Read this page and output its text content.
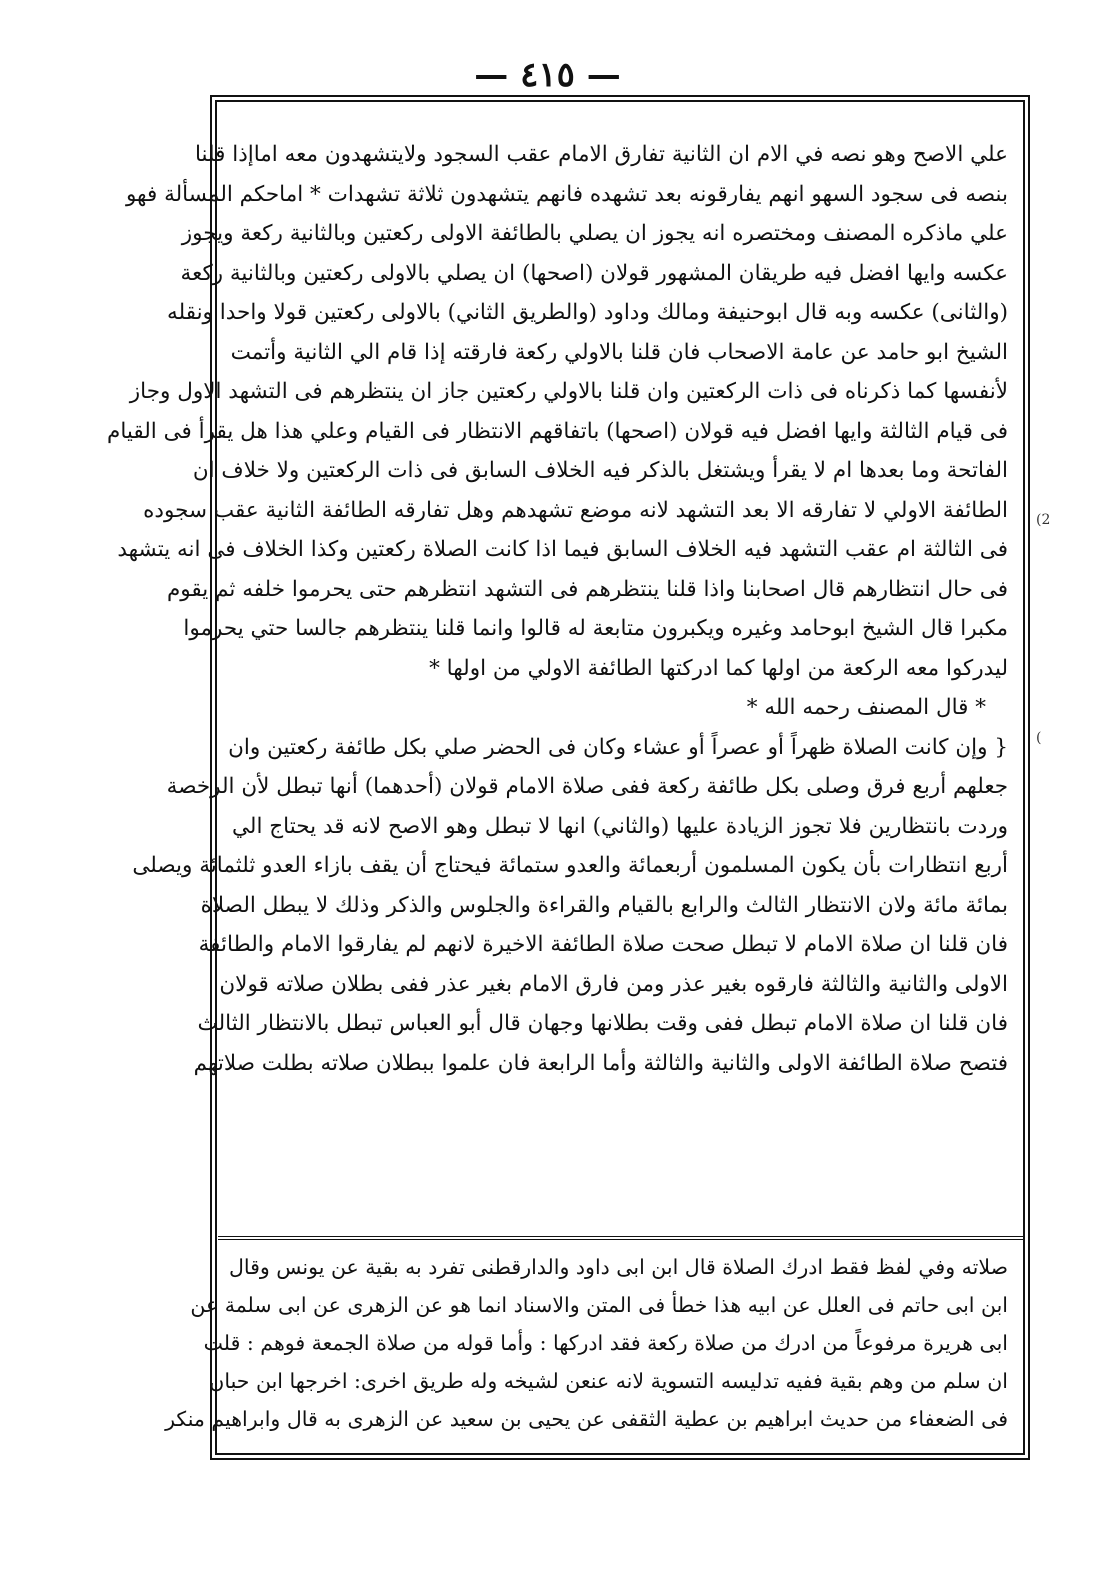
— ٤١٥ —
علي الاصح وهو نصه في الام ان الثانية تفارق الامام عقب السجود ولايتشهدون معه اماإذا قلنا
بنصه فى سجود السهو انهم يفارقونه بعد تشهده فانهم يتشهدون ثلاثة تشهدات * اماحكم المسألة فهو
علي ماذكره المصنف ومختصره انه يجوز ان يصلي بالطائفة الاولى ركعتين وبالثانية ركعة ويجوز
عكسه وايها افضل فيه طريقان المشهور قولان (اصحها) ان يصلي بالاولى ركعتين وبالثانية ركعة
(والثانى) عكسه وبه قال ابوحنيفة ومالك وداود (والطريق الثاني) بالاولى ركعتين قولا واحدا ونقله
الشيخ ابو حامد عن عامة الاصحاب فان قلنا بالاولي ركعة فارقته إذا قام الي الثانية وأتمت
لأنفسها كما ذكرناه فى ذات الركعتين وان قلنا بالاولي ركعتين جاز ان ينتظرهم فى التشهد الاول وجاز
فى قيام الثالثة وايها افضل فيه قولان (اصحها) باتفاقهم الانتظار فى القيام وعلي هذا هل يقرأ فى القيام
الفاتحة وما بعدها ام لا يقرأ ويشتغل بالذكر فيه الخلاف السابق فى ذات الركعتين ولا خلاف ان
الطائفة الاولي لا تفارقه الا بعد التشهد لانه موضع تشهدهم وهل تفارقه الطائفة الثانية عقب سجوده
فى الثالثة ام عقب التشهد فيه الخلاف السابق فيما اذا كانت الصلاة ركعتين وكذا الخلاف فى انه يتشهد
فى حال انتظارهم قال اصحابنا واذا قلنا ينتظرهم فى التشهد انتظرهم حتى يحرموا خلفه ثم يقوم
مكبرا قال الشيخ ابوحامد وغيره ويكبرون متابعة له قالوا وانما قلنا ينتظرهم جالسا حتي يحرموا
ليدركوا معه الركعة من اولها كما ادركتها الطائفة الاولي من اولها *
* قال المصنف رحمه الله *
{ وإن كانت الصلاة ظهراً أو عصراً أو عشاء وكان فى الحضر صلي بكل طائفة ركعتين وان
جعلهم أربع فرق وصلى بكل طائفة ركعة ففى صلاة الامام قولان (أحدهما) أنها تبطل لأن الرخصة
وردت بانتظارين فلا تجوز الزيادة عليها (والثاني) انها لا تبطل وهو الاصح لانه قد يحتاج الي
أربع انتظارات بأن يكون المسلمون أربعمائة والعدو ستمائة فيحتاج أن يقف بازاء العدو ثلثمائة ويصلى
بمائة مائة ولان الانتظار الثالث والرابع بالقيام والقراءة والجلوس والذكر وذلك لا يبطل الصلاة
فان قلنا ان صلاة الامام لا تبطل صحت صلاة الطائفة الاخيرة لانهم لم يفارقوا الامام والطائفة
الاولى والثانية والثالثة فارقوه بغير عذر ومن فارق الامام بغير عذر ففى بطلان صلاته قولان
فان قلنا ان صلاة الامام تبطل ففى وقت بطلانها وجهان قال أبو العباس تبطل بالانتظار الثالث
فتصح صلاة الطائفة الاولى والثانية والثالثة وأما الرابعة فان علموا ببطلان صلاته بطلت صلاتهم
صلاته وفي لفظ فقط ادرك الصلاة قال ابن ابى داود والدارقطنى تفرد به بقية عن يونس وقال
ابن ابى حاتم فى العلل عن ابيه هذا خطأ فى المتن والاسناد انما هو عن الزهرى عن ابى سلمة عن
ابى هريرة مرفوعاً من ادرك من صلاة ركعة فقد ادركها : وأما قوله من صلاة الجمعة فوهم : قلت
ان سلم من وهم بقية ففيه تدليسه التسوية لانه عنعن لشيخه وله طريق اخرى: اخرجها ابن حبان
فى الضعفاء من حديث ابراهيم بن عطية الثقفى عن يحيى بن سعيد عن الزهرى به قال وابراهيم منكر
(2
(
